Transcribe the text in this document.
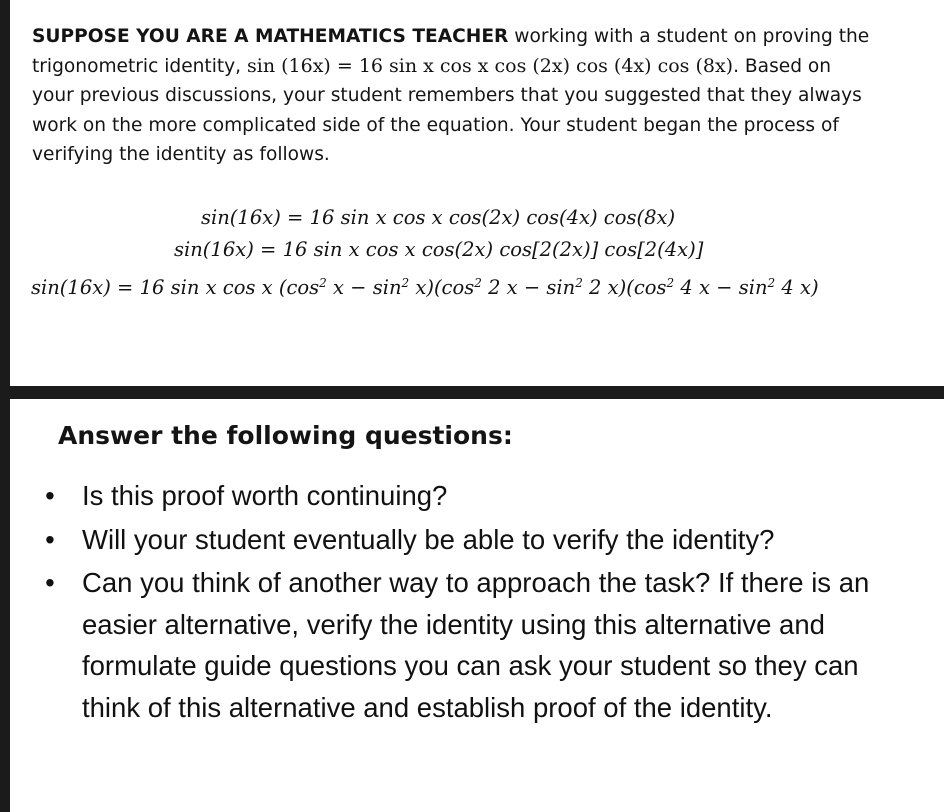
SUPPOSE YOU ARE A MATHEMATICS TEACHER working with a student on proving the
trigonometric identity, sin (16x) = 16 sin x cos x cos (2x) cos (4x) cos (8x). Based on
your previous discussions, your student remembers that you suggested that they always
work on the more complicated side of the equation. Your student began the process of
verifying the identity as follows.
sin(16x) = 16 sin x cos x cos(2x) cos(4x) cos(8x)
sin(16x) = 16 sin x cos x cos(2x) cos[2(2x)] cos[2(4x)]
sin(16x) = 16 sin x cos x ($\cos^2$ $x - \sin^2 x)(\cos^2$ 2 $x - \sin^2 2$ $x)(\cos^2$ 4 $x - \sin^2 4$ x)
Answer the following questions:
• Is this proof worth continuing?
• Will your student eventually be able to verify the identity?
• Can you think of another way to approach the task? If there is an easier alternative, verify the identity using this alternative and formulate guide questions you can ask your student so they can think of this alternative and establish proof of the identity.
